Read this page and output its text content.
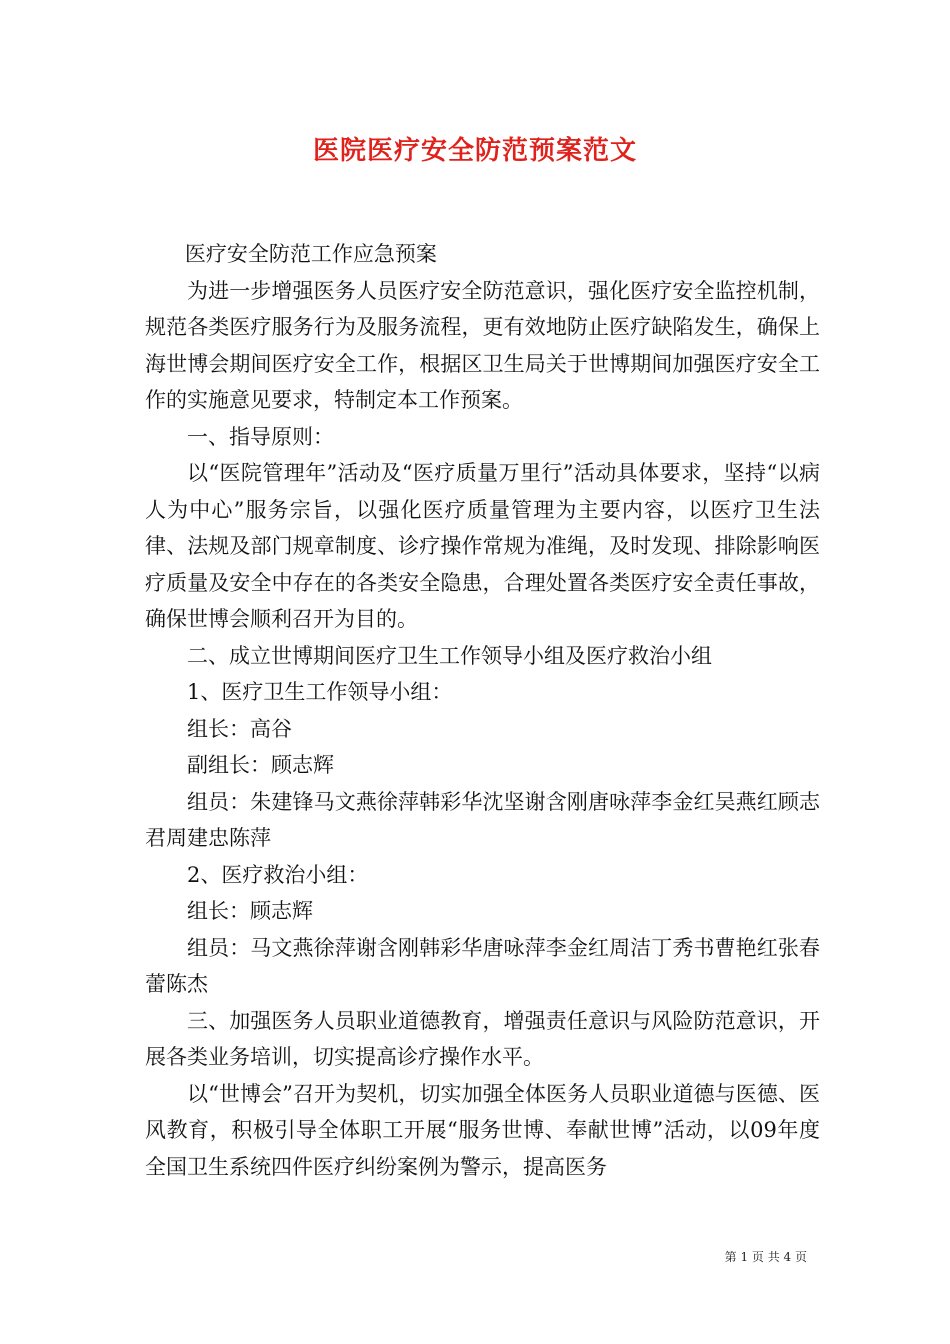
医院医疗安全防范预案范文

医疗安全防范工作应急预案

为进一步增强医务人员医疗安全防范意识，强化医疗安全监控机制，规范各类医疗服务行为及服务流程，更有效地防止医疗缺陷发生，确保上海世博会期间医疗安全工作，根据区卫生局关于世博期间加强医疗安全工作的实施意见要求，特制定本工作预案。

一、指导原则：

以“医院管理年”活动及“医疗质量万里行”活动具体要求，坚持“以病人为中心”服务宗旨，以强化医疗质量管理为主要内容，以医疗卫生法律、法规及部门规章制度、诊疗操作常规为准绳，及时发现、排除影响医疗质量及安全中存在的各类安全隐患，合理处置各类医疗安全责任事故，确保世博会顺利召开为目的。

二、成立世博期间医疗卫生工作领导小组及医疗救治小组

1、医疗卫生工作领导小组：

组长：高谷

副组长：顾志辉

组员：朱建锋马文燕徐萍韩彩华沈坚谢含刚唐咏萍李金红吴燕红顾志君周建忠陈萍

2、医疗救治小组：

组长：顾志辉

组员：马文燕徐萍谢含刚韩彩华唐咏萍李金红周洁丁秀书曹艳红张春蕾陈杰

三、加强医务人员职业道德教育，增强责任意识与风险防范意识，开展各类业务培训，切实提高诊疗操作水平。

以“世博会”召开为契机，切实加强全体医务人员职业道德与医德、医风教育，积极引导全体职工开展“服务世博、奉献世博”活动，以09年度全国卫生系统四件医疗纠纷案例为警示，提高医务

第 1 页 共 4 页
